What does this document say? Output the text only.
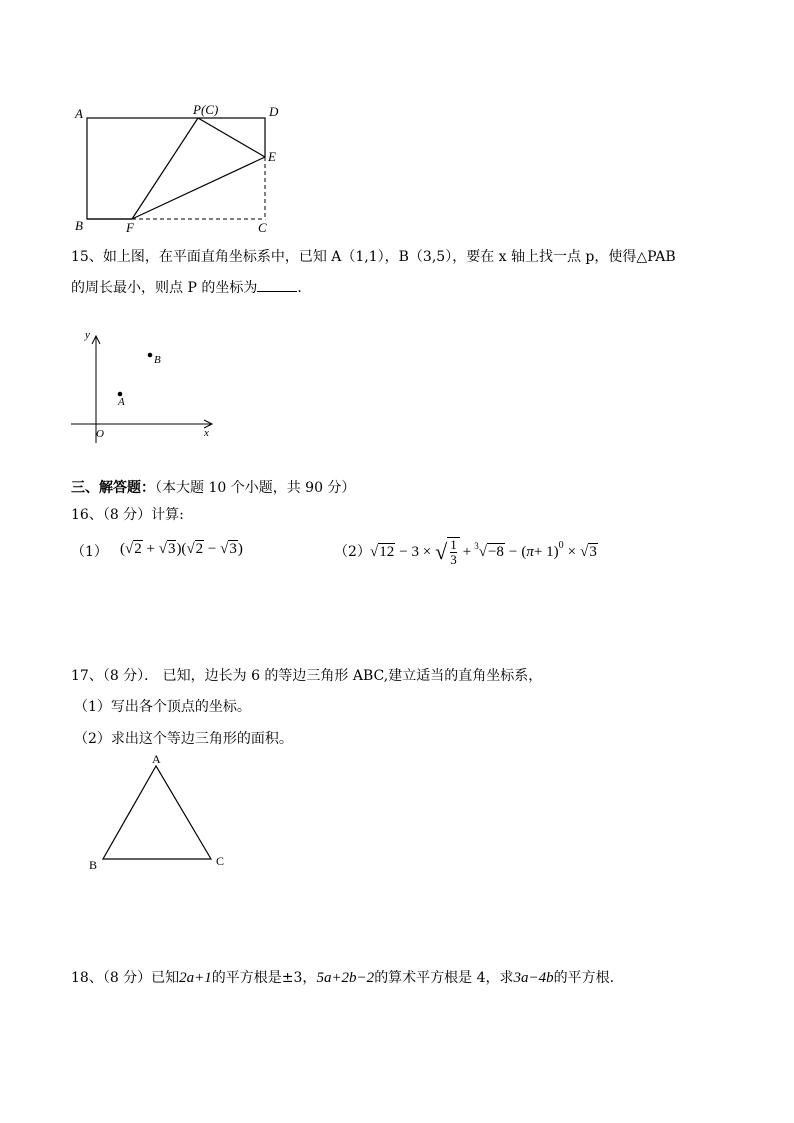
A	P(C)	D
E
B	F	C
15、如上图，在平面直角坐标系中，已知 A（1,1），B（3,5），要在 x 轴上找一点 p，使得△PAB
的周长最小，则点 P 的坐标为	.
y
B
A
O	x
三、解答题：（本大题 10 个小题，共 90 分）
16、（8 分）计算:
（1） (√2 + √3)(√2 − √3)	（2） √ 12 − 3 × √ 1
3 + 3 √ −8 − ( π + 1) 0 × √ 3
17、（8 分）． 已知，边长为 6 的等边三角形 ABC,建立适当的直角坐标系，
（1）写出各个顶点的坐标。
（2）求出这个等边三角形的面积。
A
B	C
18、（8 分）已知2a+1的平方根是±3，5a+2b−2的算术平方根是 4，求3a−4b的平方根.
